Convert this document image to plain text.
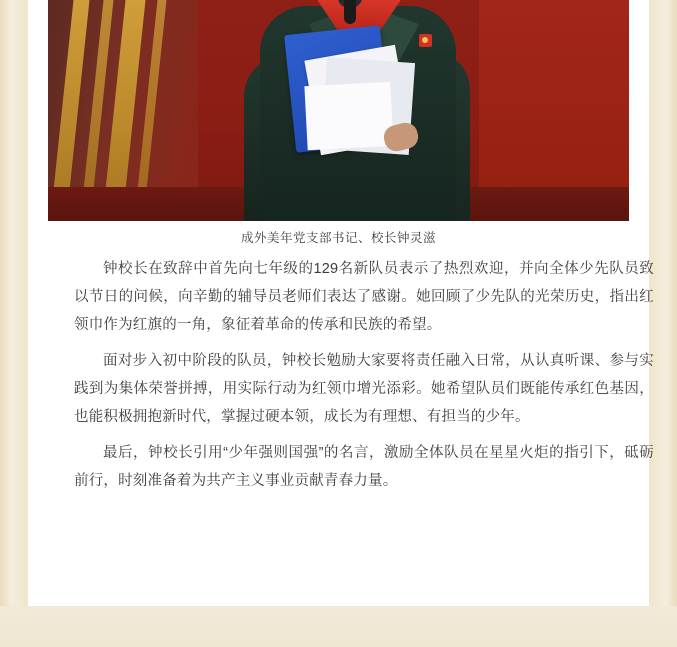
成外美年党支部书记、校长钟灵滋

钟校长在致辞中首先向七年级的129名新队员表示了热烈欢迎，并向全体少先队员致以节日的问候，向辛勤的辅导员老师们表达了感谢。她回顾了少先队的光荣历史，指出红领巾作为红旗的一角，象征着革命的传承和民族的希望。

面对步入初中阶段的队员，钟校长勉励大家要将责任融入日常，从认真听课、参与实践到为集体荣誉拼搏，用实际行动为红领巾增光添彩。她希望队员们既能传承红色基因，也能积极拥抱新时代，掌握过硬本领，成长为有理想、有担当的少年。

最后，钟校长引用“少年强则国强”的名言，激励全体队员在星星火炬的指引下，砥砺前行，时刻准备着为共产主义事业贡献青春力量。
